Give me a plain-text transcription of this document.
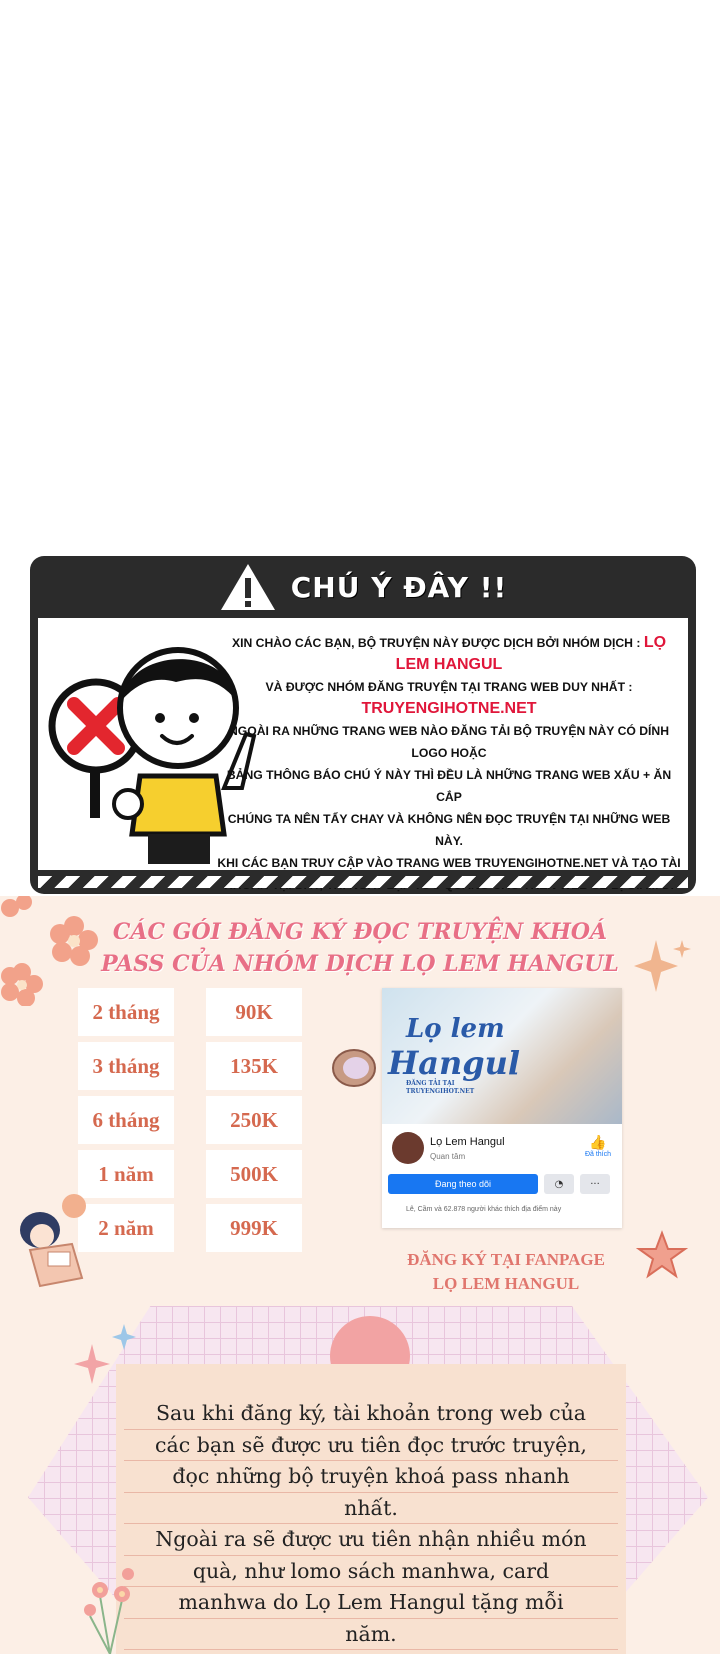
CHÚ Ý ĐÂY !!
XIN CHÀO CÁC BẠN, BỘ TRUYỆN NÀY ĐƯỢC DỊCH BỞI NHÓM DỊCH : LỌ LEM HANGUL
VÀ ĐƯỢC NHÓM ĐĂNG TRUYỆN TẠI TRANG WEB DUY NHẤT : TRUYENGIHOTNE.NET
NGOÀI RA NHỮNG TRANG WEB NÀO ĐĂNG TẢI BỘ TRUYỆN NÀY CÓ DÍNH LOGO HOẶC
BẢNG THÔNG BÁO CHÚ Ý NÀY THÌ ĐỀU LÀ NHỮNG TRANG WEB XẤU + ĂN CẮP
CHÚNG TA NÊN TẨY CHAY VÀ KHÔNG NÊN ĐỌC TRUYỆN TẠI NHỮNG WEB NÀY.
KHI CÁC BẠN TRUY CẬP VÀO TRANG WEB TRUYENGIHOTNE.NET VÀ TẠO TÀI
CÁC GÓI ĐĂNG KÝ ĐỌC TRUYỆN KHOÁ
PASS CỦA NHÓM DỊCH LỌ LEM HANGUL
2 tháng
3 tháng
6 tháng
1 năm
2 năm
90K
135K
250K
500K
999K
Lọ lem
Hangul
ĐĂNG TẢI TẠI
TRUYENGIHOT.NET
Lọ Lem Hangul
Quan tâm
👍
Đã thích
Đang theo dõi	◔	···
Lê, Cầm và 62.878 người khác thích địa điểm này
ĐĂNG KÝ TẠI FANPAGE
LỌ LEM HANGUL
Sau khi đăng ký, tài khoản trong web của
các bạn sẽ được ưu tiên đọc trước truyện,
đọc những bộ truyện khoá pass nhanh
nhất.
Ngoài ra sẽ được ưu tiên nhận nhiều món
quà, như lomo sách manhwa, card
manhwa do Lọ Lem Hangul tặng mỗi
năm.
